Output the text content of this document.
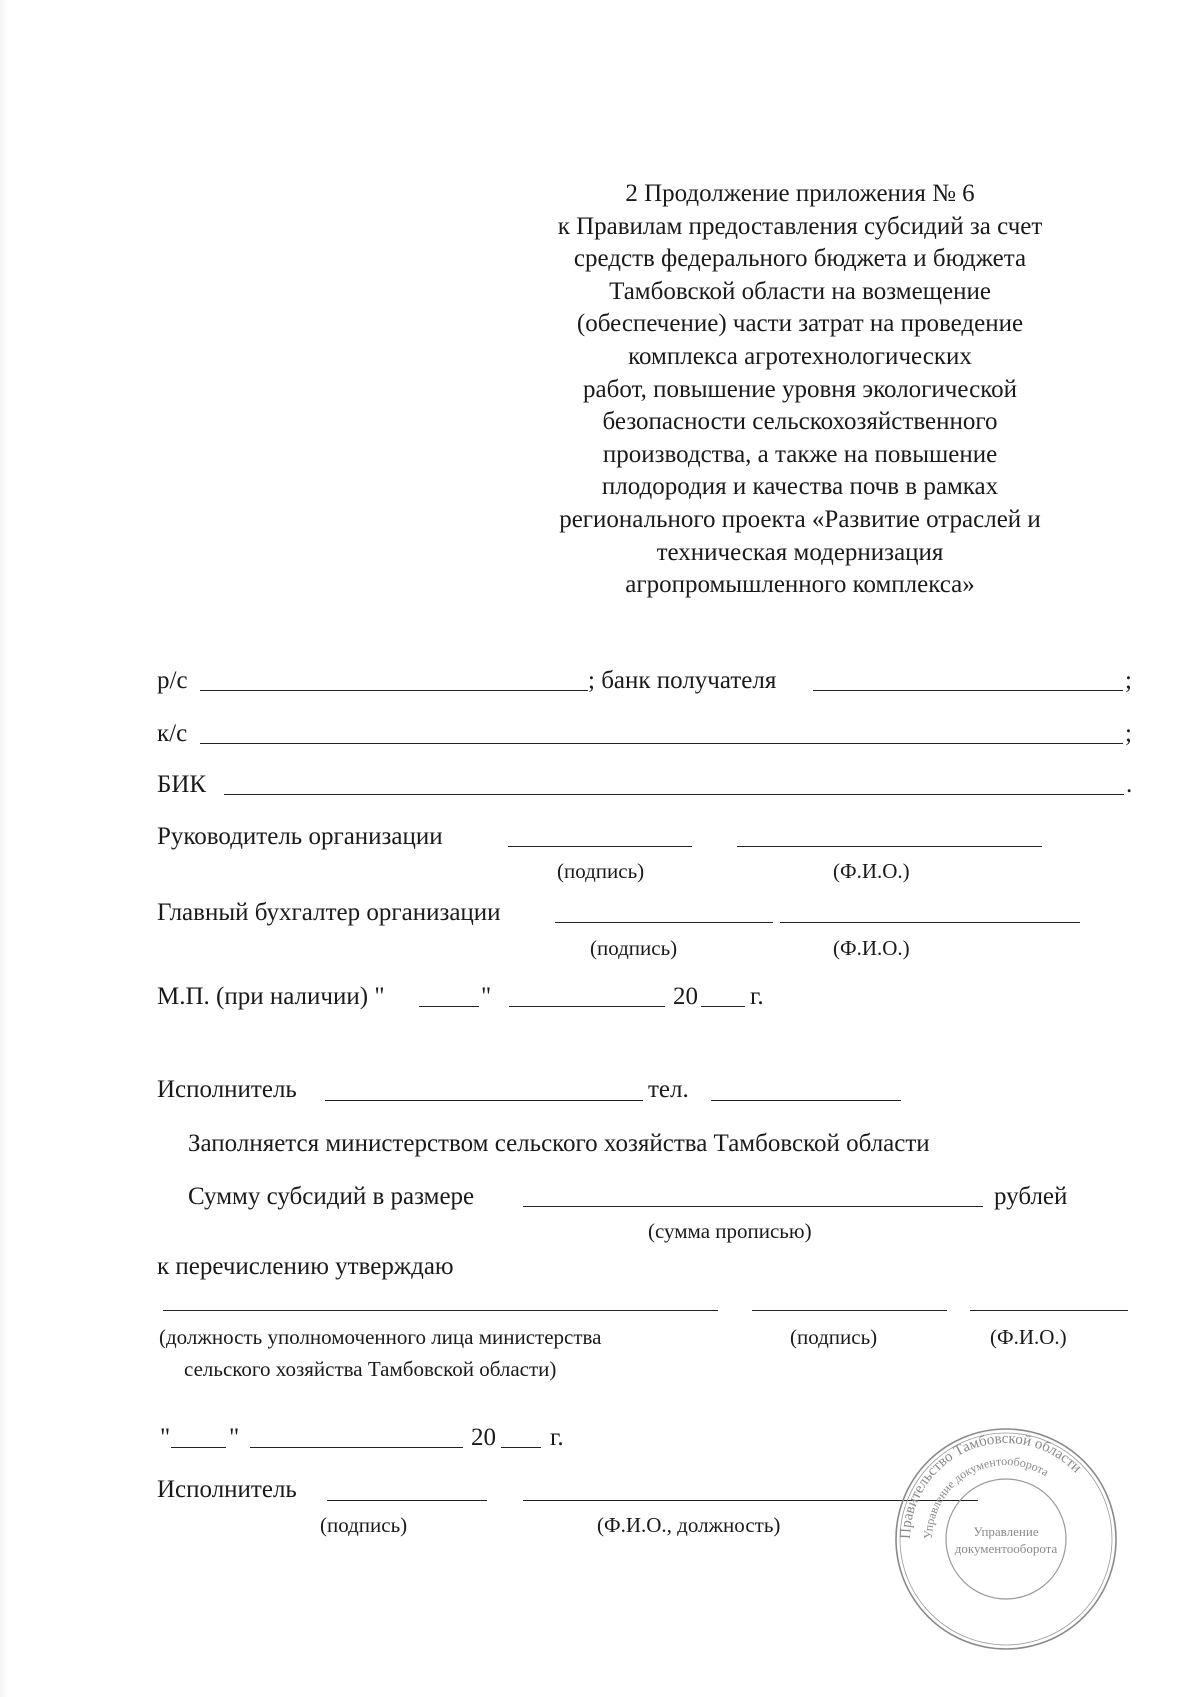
2 Продолжение приложения № 6
к Правилам предоставления субсидий за счет
средств федерального бюджета и бюджета
Тамбовской области на возмещение
(обеспечение) части затрат на проведение
комплекса агротехнологических
работ, повышение уровня экологической
безопасности сельскохозяйственного
производства, а также на повышение
плодородия и качества почв в рамках
регионального проекта «Развитие отраслей и
техническая модернизация
агропромышленного комплекса»
р/с	; банк получателя	;
к/с	;
БИК	.
Руководитель организации
(подпись)	(Ф.И.О.)
Главный бухгалтер организации
(подпись)	(Ф.И.О.)
М.П. (при наличии) "	"	20 г.
Исполнитель	тел.
Заполняется министерством сельского хозяйства Тамбовской области
Сумму субсидий в размере	рублей
(сумма прописью)
к перечислению утверждаю
(должность уполномоченного лица министерства
сельского хозяйства Тамбовской области)
(подпись)	(Ф.И.О.)
" "	20 г.
Исполнитель
(подпись)	(Ф.И.О., должность)	Правительство Тамбовской области
Управление документооборота
Управление
документооборота
